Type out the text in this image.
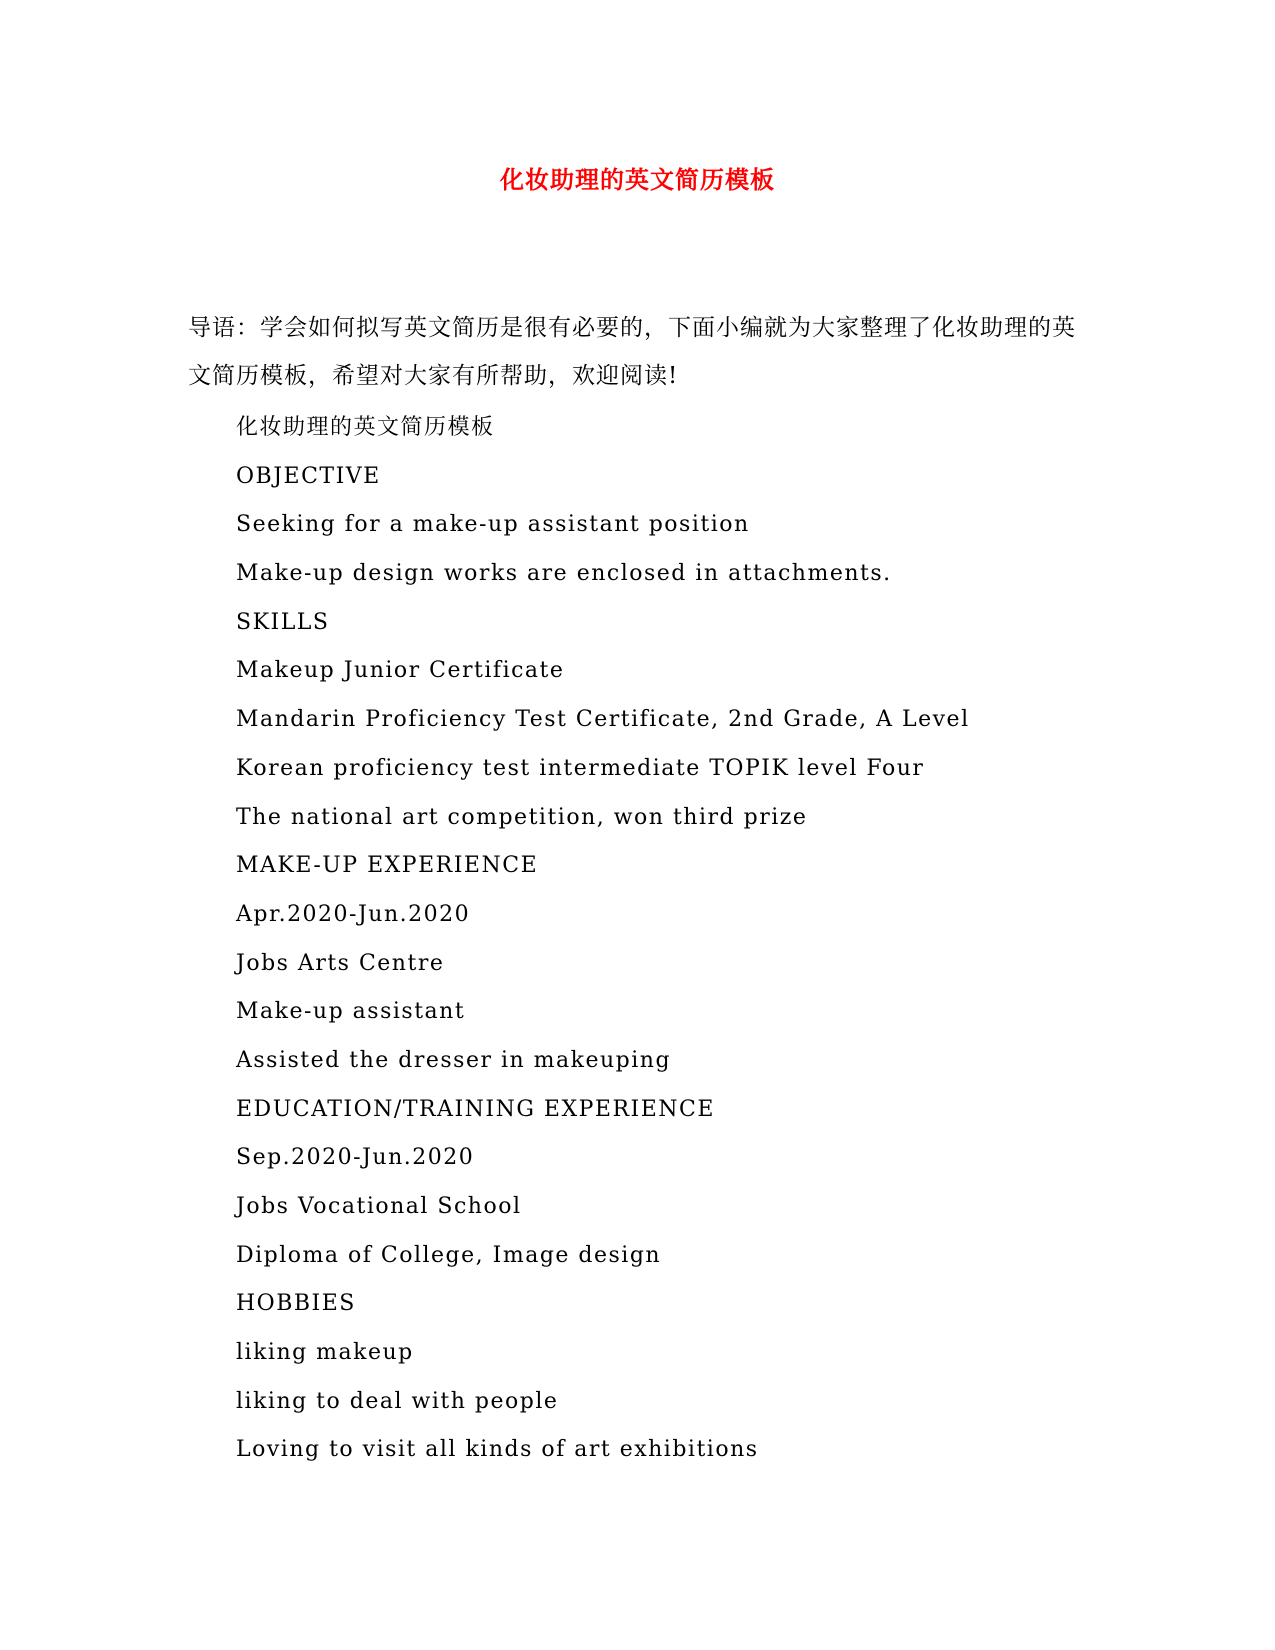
化妆助理的英文简历模板
导语：学会如何拟写英文简历是很有必要的，下面小编就为大家整理了化妆助理的英文简历模板，希望对大家有所帮助，欢迎阅读!
化妆助理的英文简历模板
OBJECTIVE
Seeking for a make-up assistant position
Make-up design works are enclosed in attachments.
SKILLS
Makeup Junior Certificate
Mandarin Proficiency Test Certificate, 2nd Grade, A Level
Korean proficiency test intermediate TOPIK level Four
The national art competition, won third prize
MAKE-UP EXPERIENCE
Apr.2020-Jun.2020
Jobs Arts Centre
Make-up assistant
Assisted the dresser in makeuping
EDUCATION/TRAINING EXPERIENCE
Sep.2020-Jun.2020
Jobs Vocational School
Diploma of College, Image design
HOBBIES
liking makeup
liking to deal with people
Loving to visit all kinds of art exhibitions
